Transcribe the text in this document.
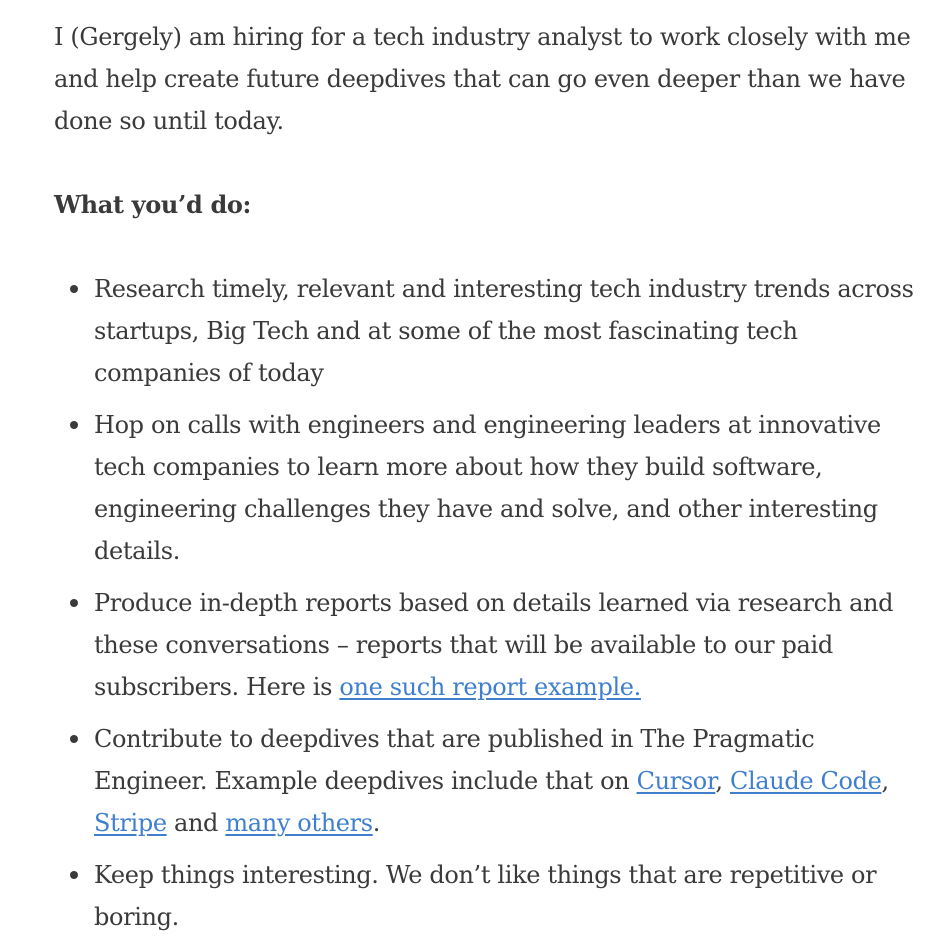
I (Gergely) am hiring for a tech industry analyst to work closely with me and help create future deepdives that can go even deeper than we have done so until today.

What you’d do:

Research timely, relevant and interesting tech industry trends across startups, Big Tech and at some of the most fascinating tech companies of today
Hop on calls with engineers and engineering leaders at innovative tech companies to learn more about how they build software, engineering challenges they have and solve, and other interesting details.
Produce in-depth reports based on details learned via research and these conversations – reports that will be available to our paid subscribers. Here is one such report example.
Contribute to deepdives that are published in The Pragmatic Engineer. Example deepdives include that on Cursor, Claude Code, Stripe and many others.
Keep things interesting. We don’t like things that are repetitive or boring.
